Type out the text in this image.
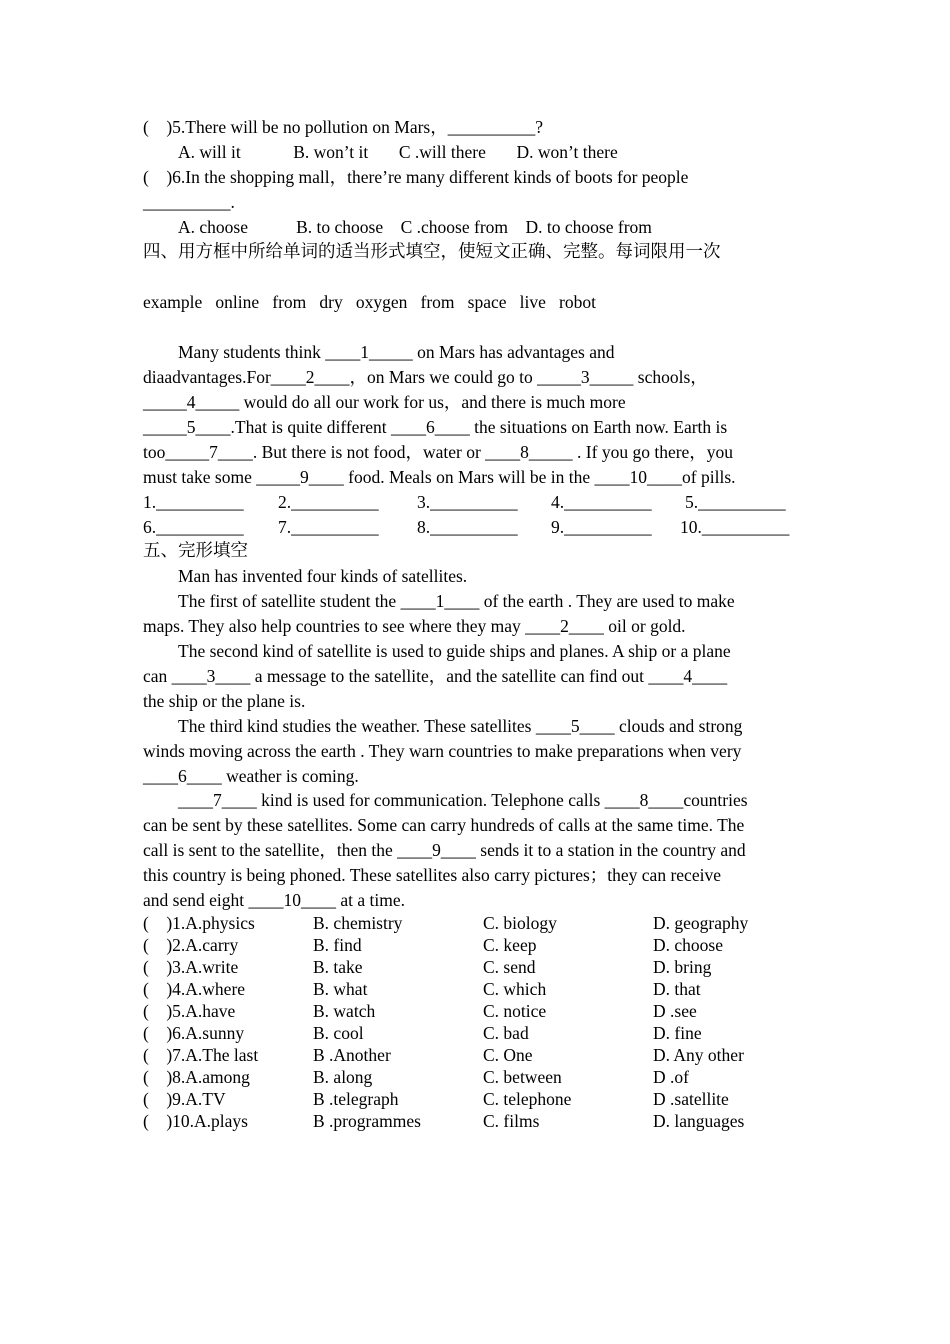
(    )5.There will be no pollution on Mars，__________?
A. will it            B. won’t it       C .will there       D. won’t there
(    )6.In the shopping mall，there’re many different kinds of boots for people
__________.
A. choose           B. to choose    C .choose from    D. to choose from
四、用方框中所给单词的适当形式填空，使短文正确、完整。每词限用一次
example   online   from   dry   oxygen   from   space   live   robot
Many students think ____1_____ on Mars has advantages and
diaadvantages.For____2____，on Mars we could go to _____3_____ schools，
_____4_____ would do all our work for us，and there is much more
_____5____.That is quite different ____6____ the situations on Earth now. Earth is
too_____7____. But there is not food，water or ____8_____ . If you go there，you
must take some _____9____ food. Meals on Mars will be in the ____10____of pills.
1.__________ 2.__________ 3.__________ 4.__________ 5.__________
6.__________ 7.__________ 8.__________ 9.__________ 10.__________
五、完形填空
Man has invented four kinds of satellites.
The first of satellite student the ____1____ of the earth . They are used to make
maps. They also help countries to see where they may ____2____ oil or gold.
The second kind of satellite is used to guide ships and planes. A ship or a plane
can ____3____ a message to the satellite，and the satellite can find out ____4____
the ship or the plane is.
The third kind studies the weather. These satellites ____5____ clouds and strong
winds moving across the earth . They warn countries to make preparations when very
____6____ weather is coming.
____7____ kind is used for communication. Telephone calls ____8____countries
can be sent by these satellites. Some can carry hundreds of calls at the same time. The
call is sent to the satellite，then the ____9____ sends it to a station in the country and
this country is being phoned. These satellites also carry pictures；they can receive
and send eight ____10____ at a time.
(    )1.A.physics	B. chemistry	C. biology	D. geography
(    )2.A.carry	B. find	C. keep	D. choose
(    )3.A.write	B. take	C. send	D. bring
(    )4.A.where	B. what	C. which	D. that
(    )5.A.have	B. watch	C. notice	D .see
(    )6.A.sunny	B. cool	C. bad	D. fine
(    )7.A.The last	B .Another	C. One	D. Any other
(    )8.A.among	B. along	C. between	D .of
(    )9.A.TV	B .telegraph	C. telephone	D .satellite
(    )10.A.plays	B .programmes	C. films	D. languages
